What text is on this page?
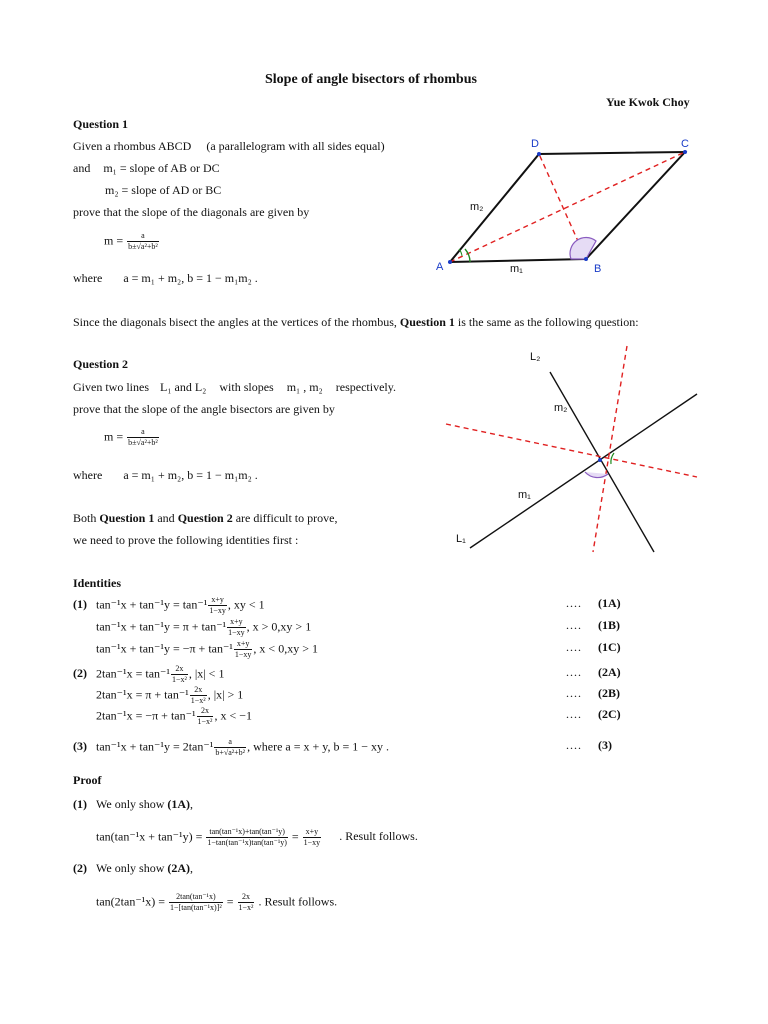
Slope of angle bisectors of rhombus
Yue Kwok Choy
Question 1
Given a rhombus ABCD (a parallelogram with all sides equal)
and m₁ = slope of AB or DC
m₂ = slope of AD or BC
prove that the slope of the diagonals are given by
$m = \frac{a}{\text{b±√a²+b²}}$
where a = m₁ + m₂, b = 1 − m₁m₂ .
A	B
C
D
m₁
m₂
Since the diagonals bisect the angles at the vertices of the rhombus, Question 1 is the same as the following question:
Question 2
Given two lines L₁ and L₂ with slopes m₁ , m₂ respectively.
prove that the slope of the angle bisectors are given by
$m = \frac{a}{\text{b±√a²+b²}}$
where a = m₁ + m₂, b = 1 − m₁m₂ .
L₂
L₁
m₂
m₁
Both Question 1 and Question 2 are difficult to prove,
we need to prove the following identities first :
Identities
(1) $\tan^{-1}x + \tan^{-1}y = \tan^{-1} \frac{x+y}{1-xy}$ , xy < 1	.... (1A)
$\tan^{-1}x + \tan^{-1}y = \pi + \tan^{-1} \frac{x+y}{1-xy}$ , x > 0,xy > 1	.... (1B)
$\tan^{-1}x + \tan^{-1}y = -\pi + \tan^{-1} \frac{x+y}{1-xy}$ , x < 0,xy > 1	.... (1C)
(2) $2\tan^{-1}x = \tan^{-1} \frac{2x}{\text{1−x²}}$ , |x| < 1	.... (2A)
$2\tan^{-1}x = \pi + \tan^{-1} \frac{2x}{\text{1−x²}}$ , |x| > 1	.... (2B)
$2\tan^{-1}x = -\pi + \tan^{-1} \frac{2x}{\text{1−x²}}$ , x < −1	.... (2C)
(3) $\tan^{-1}x + \tan^{-1}y = 2\tan^{-1} \frac{a}{\text{b+√a²+b²}}$ , where a = x + y, b = 1 − xy .	.... (3)
Proof
(1) We only show (1A),
$\tan(\tan^{-1}x + \tan^{-1}y) = \frac{\text{tan(tan⁻¹x)+tan(tan⁻¹y)}}{\text{1−tan(tan⁻¹x)tan(tan⁻¹y)}} = \frac{x+y}{1-xy}$ . Result follows.
(2) We only show (2A),
$\tan(2\tan^{-1}x) = \frac{\text{2tan(tan⁻¹x)}}{\text{1−[tan(tan⁻¹x)]²}} = \frac{2x}{\text{1−x²}}$ . Result follows.
